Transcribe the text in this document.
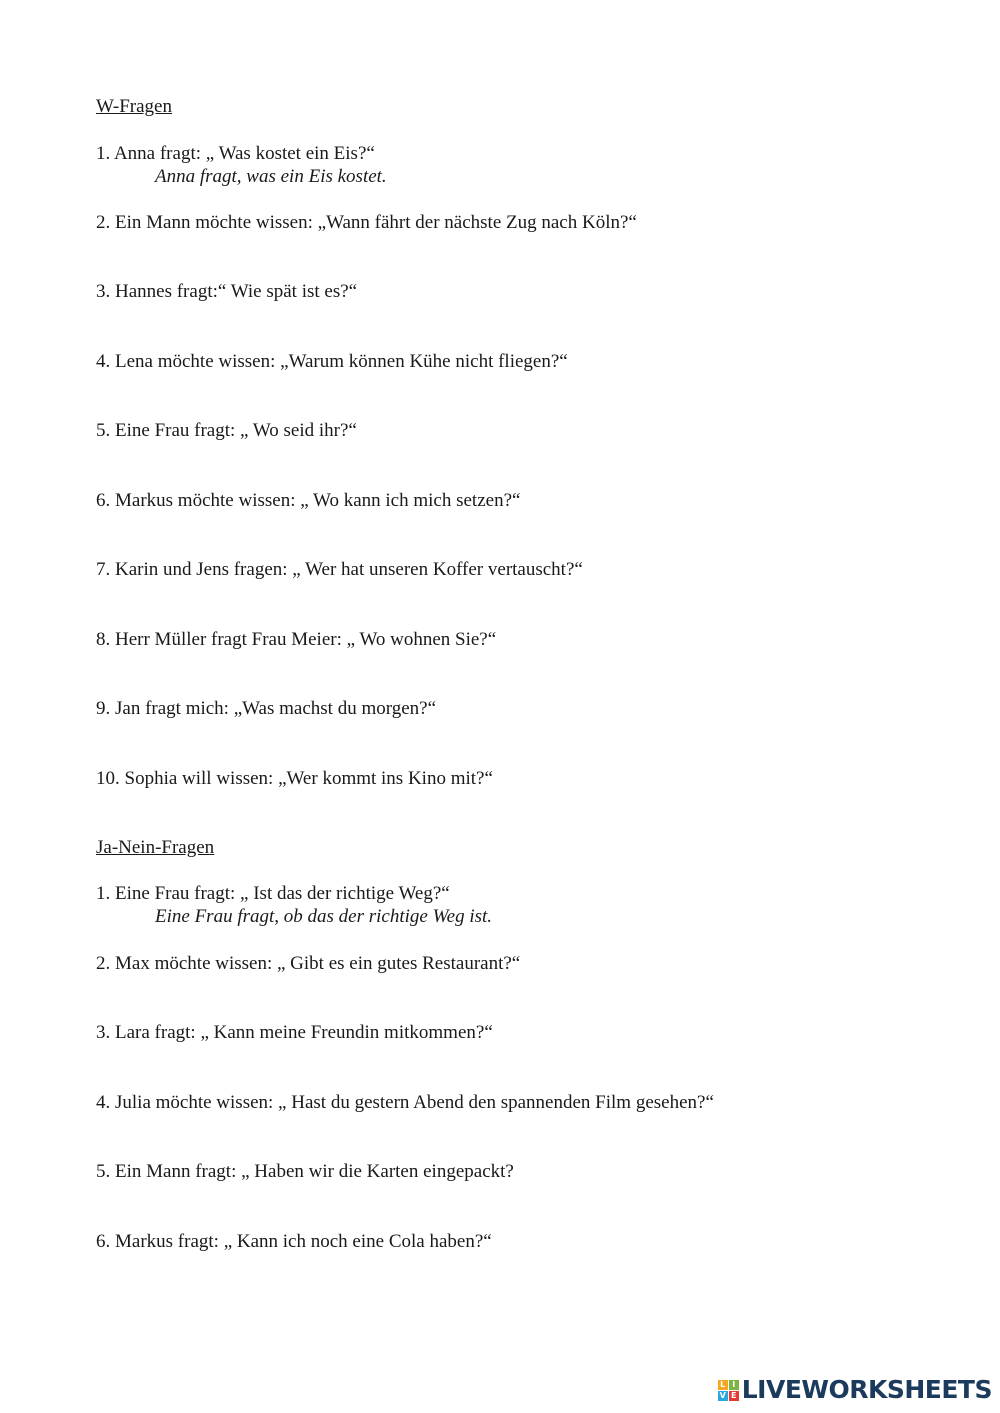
W-Fragen
1. Anna fragt: „ Was kostet ein Eis?“
Anna fragt, was ein Eis kostet.
2. Ein Mann möchte wissen: „Wann fährt der nächste Zug nach Köln?“
3. Hannes fragt:“ Wie spät ist es?“
4. Lena möchte wissen: „Warum können Kühe nicht fliegen?“
5. Eine Frau fragt: „ Wo seid ihr?“
6. Markus möchte wissen: „ Wo kann ich mich setzen?“
7. Karin und Jens fragen: „ Wer hat unseren Koffer vertauscht?“
8. Herr Müller fragt Frau Meier: „ Wo wohnen Sie?“
9. Jan fragt mich: „Was machst du morgen?“
10. Sophia will wissen: „Wer kommt ins Kino mit?“
Ja-Nein-Fragen
1. Eine Frau fragt: „ Ist das der richtige Weg?“
Eine Frau fragt, ob das der richtige Weg ist.
2. Max möchte wissen: „ Gibt es ein gutes Restaurant?“
3. Lara fragt: „ Kann meine Freundin mitkommen?“
4. Julia möchte wissen: „ Hast du gestern Abend den spannenden Film gesehen?“
5. Ein Mann fragt: „ Haben wir die Karten eingepackt?
6. Markus fragt: „ Kann ich noch eine Cola haben?“
L I
V E LIVEWORKSHEETS
